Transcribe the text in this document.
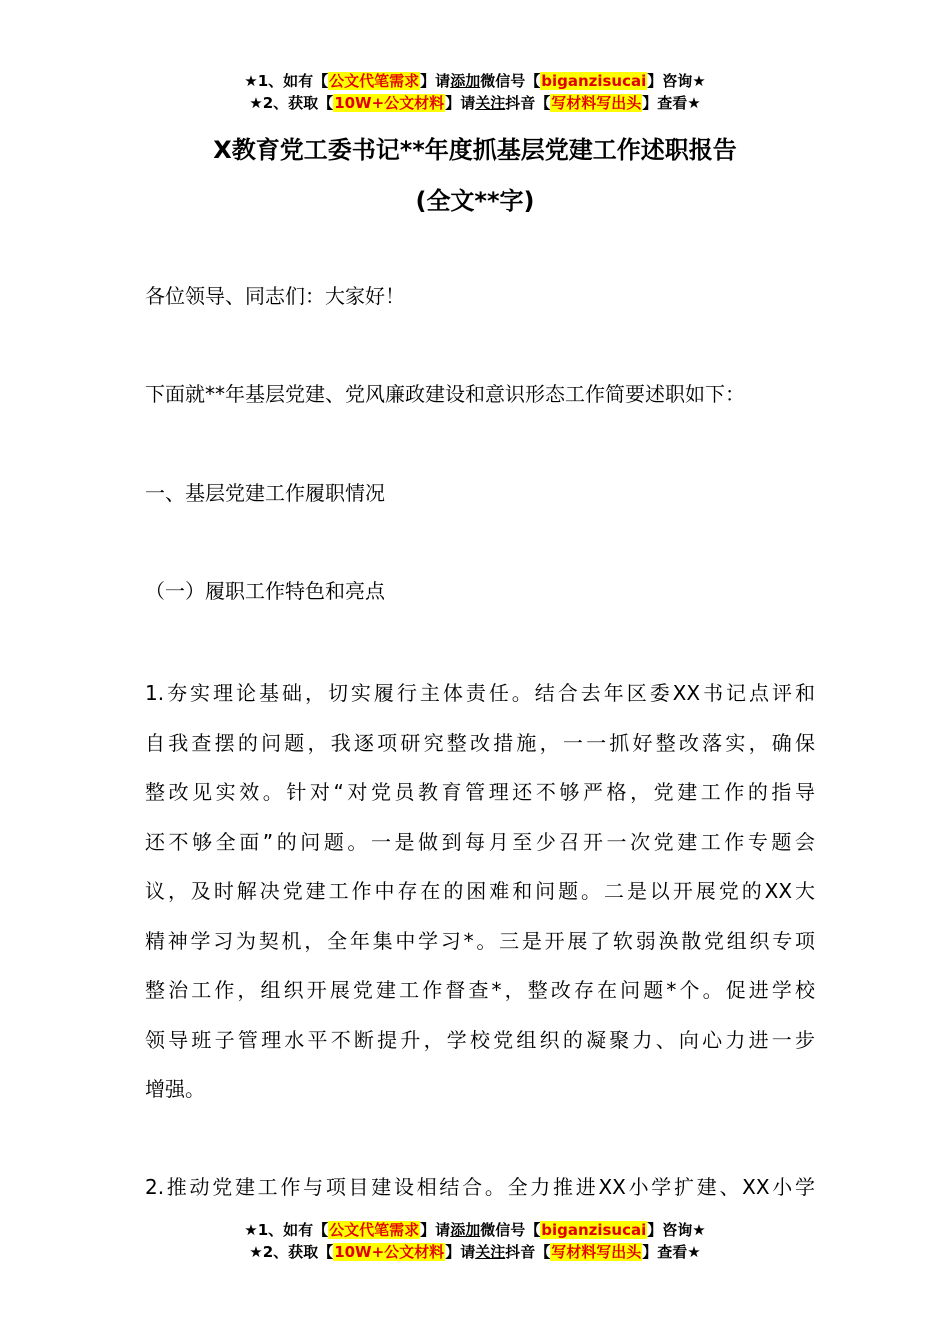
★1、如有【公文代笔需求】请添加微信号【biganzisucai】咨询★
★2、获取【10W+公文材料】请关注抖音【写材料写出头】查看★
X教育党工委书记**年度抓基层党建工作述职报告
(全文**字)
各位领导、同志们：大家好！
下面就**年基层党建、党风廉政建设和意识形态工作简要述职如下：
一、基层党建工作履职情况
（一）履职工作特色和亮点
1.夯实理论基础，切实履行主体责任。结合去年区委XX书记点评和
自我查摆的问题，我逐项研究整改措施，一一抓好整改落实，确保
整改见实效。针对“对党员教育管理还不够严格，党建工作的指导
还不够全面”的问题。一是做到每月至少召开一次党建工作专题会
议，及时解决党建工作中存在的困难和问题。二是以开展党的XX大
精神学习为契机，全年集中学习*。三是开展了软弱涣散党组织专项
整治工作，组织开展党建工作督查*，整改存在问题*个。促进学校
领导班子管理水平不断提升，学校党组织的凝聚力、向心力进一步
增强。
2.推动党建工作与项目建设相结合。全力推进XX小学扩建、XX小学
★1、如有【公文代笔需求】请添加微信号【biganzisucai】咨询★
★2、获取【10W+公文材料】请关注抖音【写材料写出头】查看★
